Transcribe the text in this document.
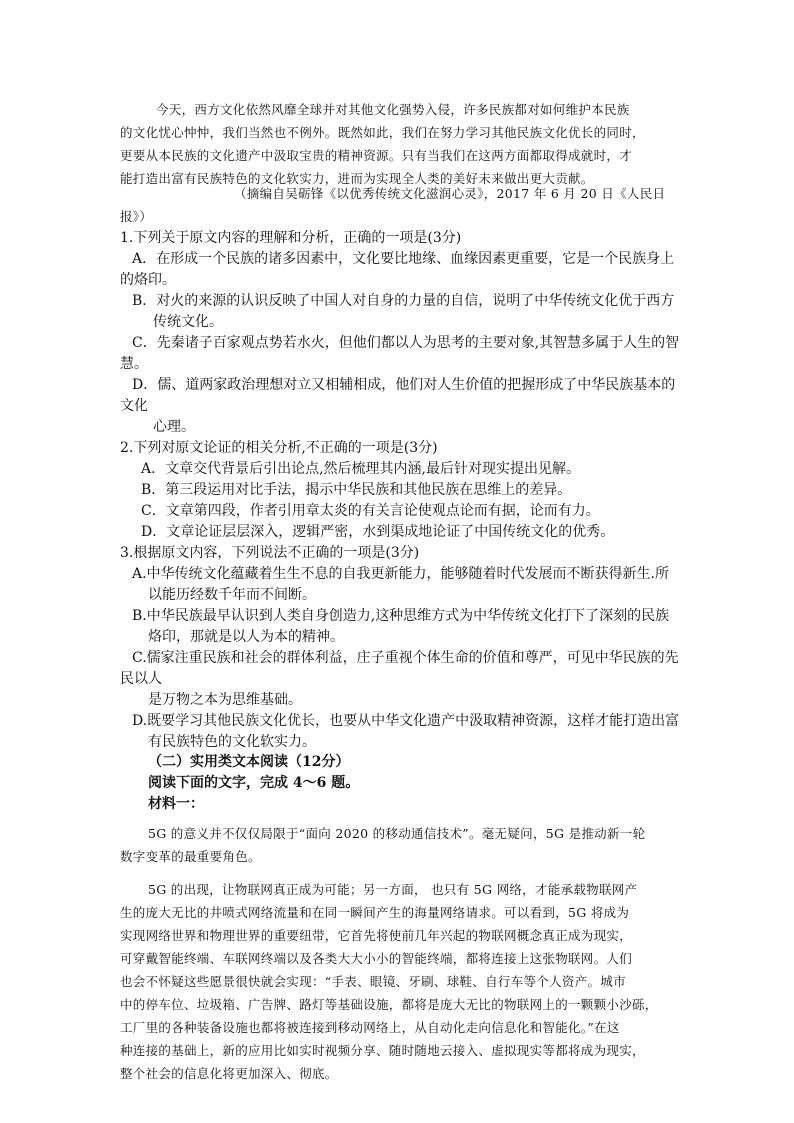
今天，西方文化依然风靡全球并对其他文化强势入侵，许多民族都对如何维护本民族

的文化忧心忡忡，我们当然也不例外。既然如此，我们在努力学习其他民族文化优长的同时，

更要从本民族的文化遗产中汲取宝贵的精神资源。只有当我们在这两方面都取得成就时，才

能打造出富有民族特色的文化软实力，进而为实现全人类的美好未来做出更大贡献。

（摘编自吴砺锋《以优秀传统文化滋润心灵》，2017 年 6 月 20 日《人民日

报》）

1.下列关于原文内容的理解和分析，正确的一项是(3分)

A．在形成一个民族的诸多因素中，文化要比地缘、血缘因素更重要，它是一个民族身上

的烙印。

B．对火的来源的认识反映了中国人对自身的力量的自信，说明了中华传统文化优于西方

传统文化。

C．先秦诸子百家观点势若水火，但他们都以人为思考的主要对象,其智慧多属于人生的智

慧。

D．儒、道两家政治理想对立又相辅相成，他们对人生价值的把握形成了中华民族基本的

文化

心理。

2.下列对原文论证的相关分析,不正确的一项是(3分)

A．文章交代背景后引出论点,然后梳理其内涵,最后针对现实提出见解。

B．第三段运用对比手法，揭示中华民族和其他民族在思维上的差异。

C．文章第四段，作者引用章太炎的有关言论使观点论而有据，论而有力。

D．文章论证层层深入，逻辑严密，水到渠成地论证了中国传统文化的优秀。

3.根据原文内容，下列说法不正确的一项是(3分)

A.中华传统文化蕴藏着生生不息的自我更新能力，能够随着时代发展而不断获得新生.所

以能历经数千年而不间断。

B.中华民族最早认识到人类自身创造力,这种思维方式为中华传统文化打下了深刻的民族

烙印，那就是以人为本的精神。

C.儒家注重民族和社会的群体利益，庄子重视个体生命的价值和尊严，可见中华民族的先

民以人

是万物之本为思维基础。

D.既要学习其他民族文化优长，也要从中华文化遗产中汲取精神资源，这样才能打造出富

有民族特色的文化软实力。

（二）实用类文本阅读（12分）

阅读下面的文字，完成 4～6 题。

材料一：

5G 的意义并不仅仅局限于“面向 2020 的移动通信技术”。毫无疑问，5G 是推动新一轮

数字变革的最重要角色。

5G 的出现，让物联网真正成为可能；另一方面， 也只有 5G 网络，才能承载物联网产

生的庞大无比的井喷式网络流量和在同一瞬间产生的海量网络请求。可以看到，5G 将成为

实现网络世界和物理世界的重要纽带，它首先将使前几年兴起的物联网概念真正成为现实，

可穿戴智能终端、车联网终端以及各类大大小小的智能终端，都将连接上这张物联网。人们

也会不怀疑这些愿景很快就会实现：“手表、眼镜、牙刷、球鞋、自行车等个人资产。城市

中的停车位、垃圾箱、广告牌、路灯等基础设施，都将是庞大无比的物联网上的一颗颗小沙砾，

工厂里的各种装备设施也都将被连接到移动网络上，从自动化走向信息化和智能化。”在这

种连接的基础上，新的应用比如实时视频分享、随时随地云接入、虚拟现实等都将成为现实，

整个社会的信息化将更加深入、彻底。
